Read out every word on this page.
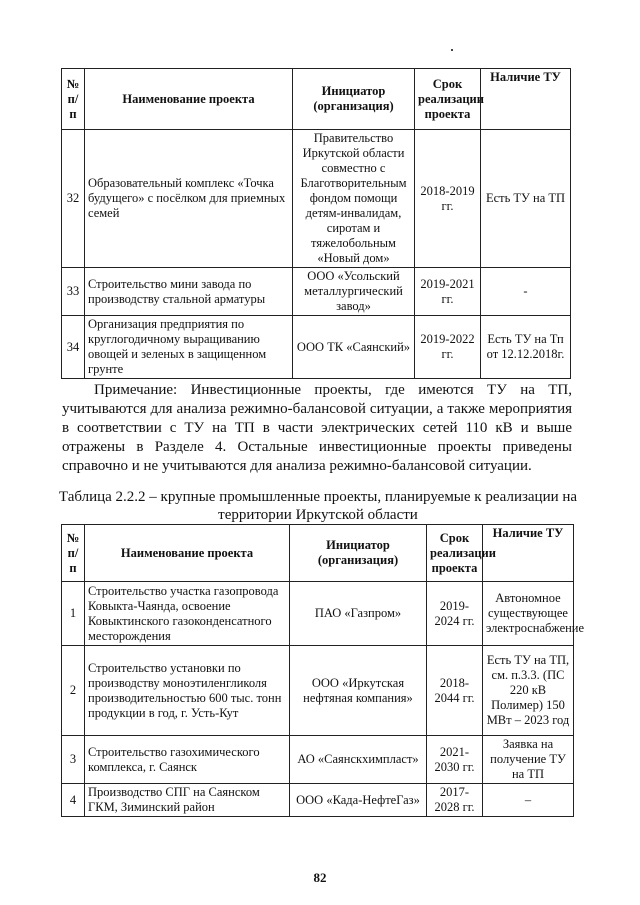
№ п/п	Наименование проекта	Инициатор (организация)	Срок реализации проекта	Наличие ТУ
32	Образовательный комплекс «Точка будущего» с посёлком для приемных семей	Правительство Иркутской области совместно с Благотворительным фондом помощи детям-инвалидам, сиротам и тяжелобольным «Новый дом»	2018-2019 гг.	Есть ТУ на ТП
33	Строительство мини завода по производству стальной арматуры	ООО «Усольский металлургический завод»	2019-2021 гг.	-
34	Организация предприятия по круглогодичному выращиванию овощей и зеленых в защищенном грунте	ООО ТК «Саянский»	2019-2022 гг.	Есть ТУ на Тп от 12.12.2018г.

Примечание: Инвестиционные проекты, где имеются ТУ на ТП, учитываются для анализа режимно-балансовой ситуации, а также мероприятия в соответствии с ТУ на ТП в части электрических сетей 110 кВ и выше отражены в Разделе 4. Остальные инвестиционные проекты приведены справочно и не учитываются для анализа режимно-балансовой ситуации.

Таблица 2.2.2 – крупные промышленные проекты, планируемые к реализации на территории Иркутской области

№ п/п	Наименование проекта	Инициатор (организация)	Срок реализации проекта	Наличие ТУ
1	Строительство участка газопровода Ковыкта-Чаянда, освоение Ковыктинского газоконденсатного месторождения	ПАО «Газпром»	2019-2024 гг.	Автономное существующее электроснабжение
2	Строительство установки по производству моноэтиленгликоля производительностью 600 тыс. тонн продукции в год, г. Усть-Кут	ООО «Иркутская нефтяная компания»	2018-2044 гг.	Есть ТУ на ТП, см. п.3.3. (ПС 220 кВ Полимер) 150 МВт – 2023 год
3	Строительство газохимического комплекса, г. Саянск	АО «Саянскхимпласт»	2021-2030 гг.	Заявка на получение ТУ на ТП
4	Производство СПГ на Саянском ГКМ, Зиминский район	ООО «Када-НефтеГаз»	2017-2028 гг.	–
82
